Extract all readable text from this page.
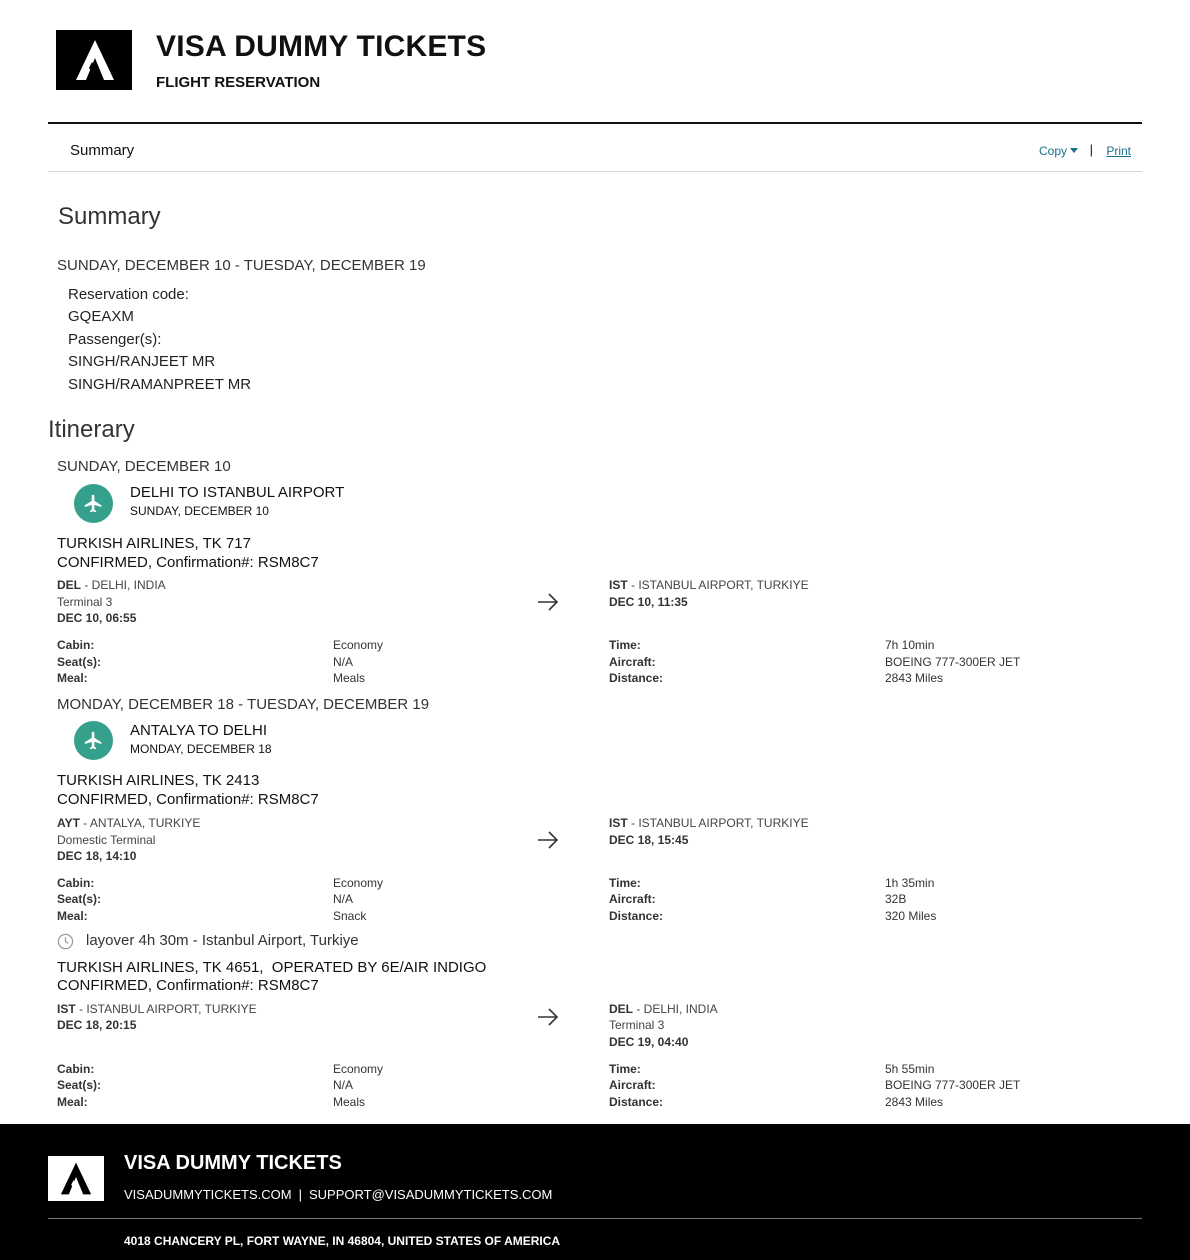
VISA DUMMY TICKETS
FLIGHT RESERVATION
Summary	Copy	| Print
Summary
SUNDAY, DECEMBER 10 - TUESDAY, DECEMBER 19
Reservation code:
GQEAXM
Passenger(s):
SINGH/RANJEET MR
SINGH/RAMANPREET MR
Itinerary
SUNDAY, DECEMBER 10
DELHI TO ISTANBUL AIRPORT
SUNDAY, DECEMBER 10
TURKISH AIRLINES, TK 717
CONFIRMED, Confirmation#: RSM8C7
DEL - DELHI, INDIA
Terminal 3
DEC 10, 06:55
IST - ISTANBUL AIRPORT, TURKIYE
DEC 10, 11:35
Cabin:	Economy
Seat(s):	N/A
Meal:	Meals
Time:	7h 10min
Aircraft:	BOEING 777-300ER JET
Distance:	2843 Miles
MONDAY, DECEMBER 18 - TUESDAY, DECEMBER 19
ANTALYA TO DELHI
MONDAY, DECEMBER 18
TURKISH AIRLINES, TK 2413
CONFIRMED, Confirmation#: RSM8C7
AYT - ANTALYA, TURKIYE
Domestic Terminal
DEC 18, 14:10
IST - ISTANBUL AIRPORT, TURKIYE
DEC 18, 15:45
Cabin:	Economy
Seat(s):	N/A
Meal:	Snack
Time:	1h 35min
Aircraft:	32B
Distance:	320 Miles
layover 4h 30m - Istanbul Airport, Turkiye
TURKISH AIRLINES, TK 4651,  OPERATED BY 6E/AIR INDIGO
CONFIRMED, Confirmation#: RSM8C7
IST - ISTANBUL AIRPORT, TURKIYE
DEC 18, 20:15
DEL - DELHI, INDIA
Terminal 3
DEC 19, 04:40
Cabin:	Economy
Seat(s):	N/A
Meal:	Meals
Time:	5h 55min
Aircraft:	BOEING 777-300ER JET
Distance:	2843 Miles
VISA DUMMY TICKETS
VISADUMMYTICKETS.COM | SUPPORT@VISADUMMYTICKETS.COM
4018 CHANCERY PL, FORT WAYNE, IN 46804, UNITED STATES OF AMERICA
